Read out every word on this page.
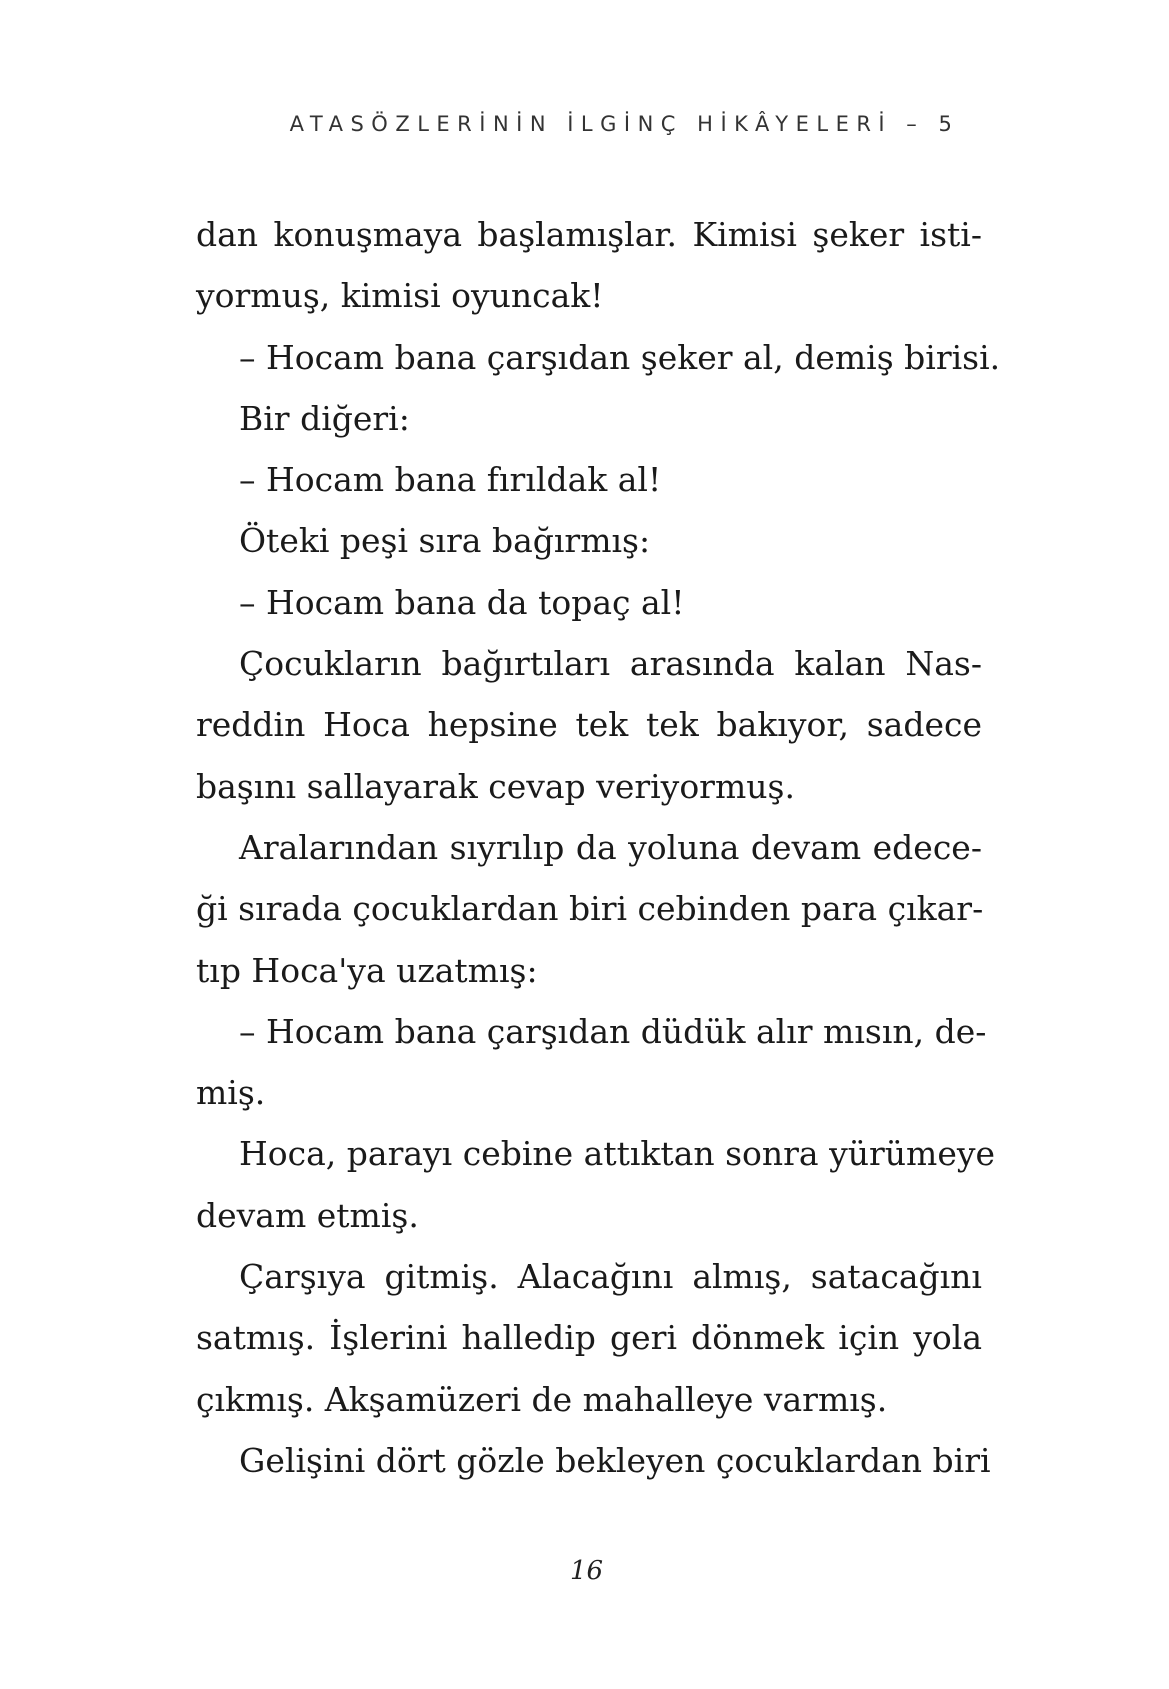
ATASÖZLERİNİN İLGİNÇ HİKÂYELERİ – 5
dan konuşmaya başlamışlar. Kimisi şeker isti-
yormuş, kimisi oyuncak!
– Hocam bana çarşıdan şeker al, demiş birisi.
Bir diğeri:
– Hocam bana fırıldak al!
Öteki peşi sıra bağırmış:
– Hocam bana da topaç al!
Çocukların bağırtıları arasında kalan Nas-
reddin Hoca hepsine tek tek bakıyor, sadece
başını sallayarak cevap veriyormuş.
Aralarından sıyrılıp da yoluna devam edece-
ği sırada çocuklardan biri cebinden para çıkar-
tıp Hoca'ya uzatmış:
– Hocam bana çarşıdan düdük alır mısın, de-
miş.
Hoca, parayı cebine attıktan sonra yürümeye
devam etmiş.
Çarşıya gitmiş. Alacağını almış, satacağını
satmış. İşlerini halledip geri dönmek için yola
çıkmış. Akşamüzeri de mahalleye varmış.
Gelişini dört gözle bekleyen çocuklardan biri
16
